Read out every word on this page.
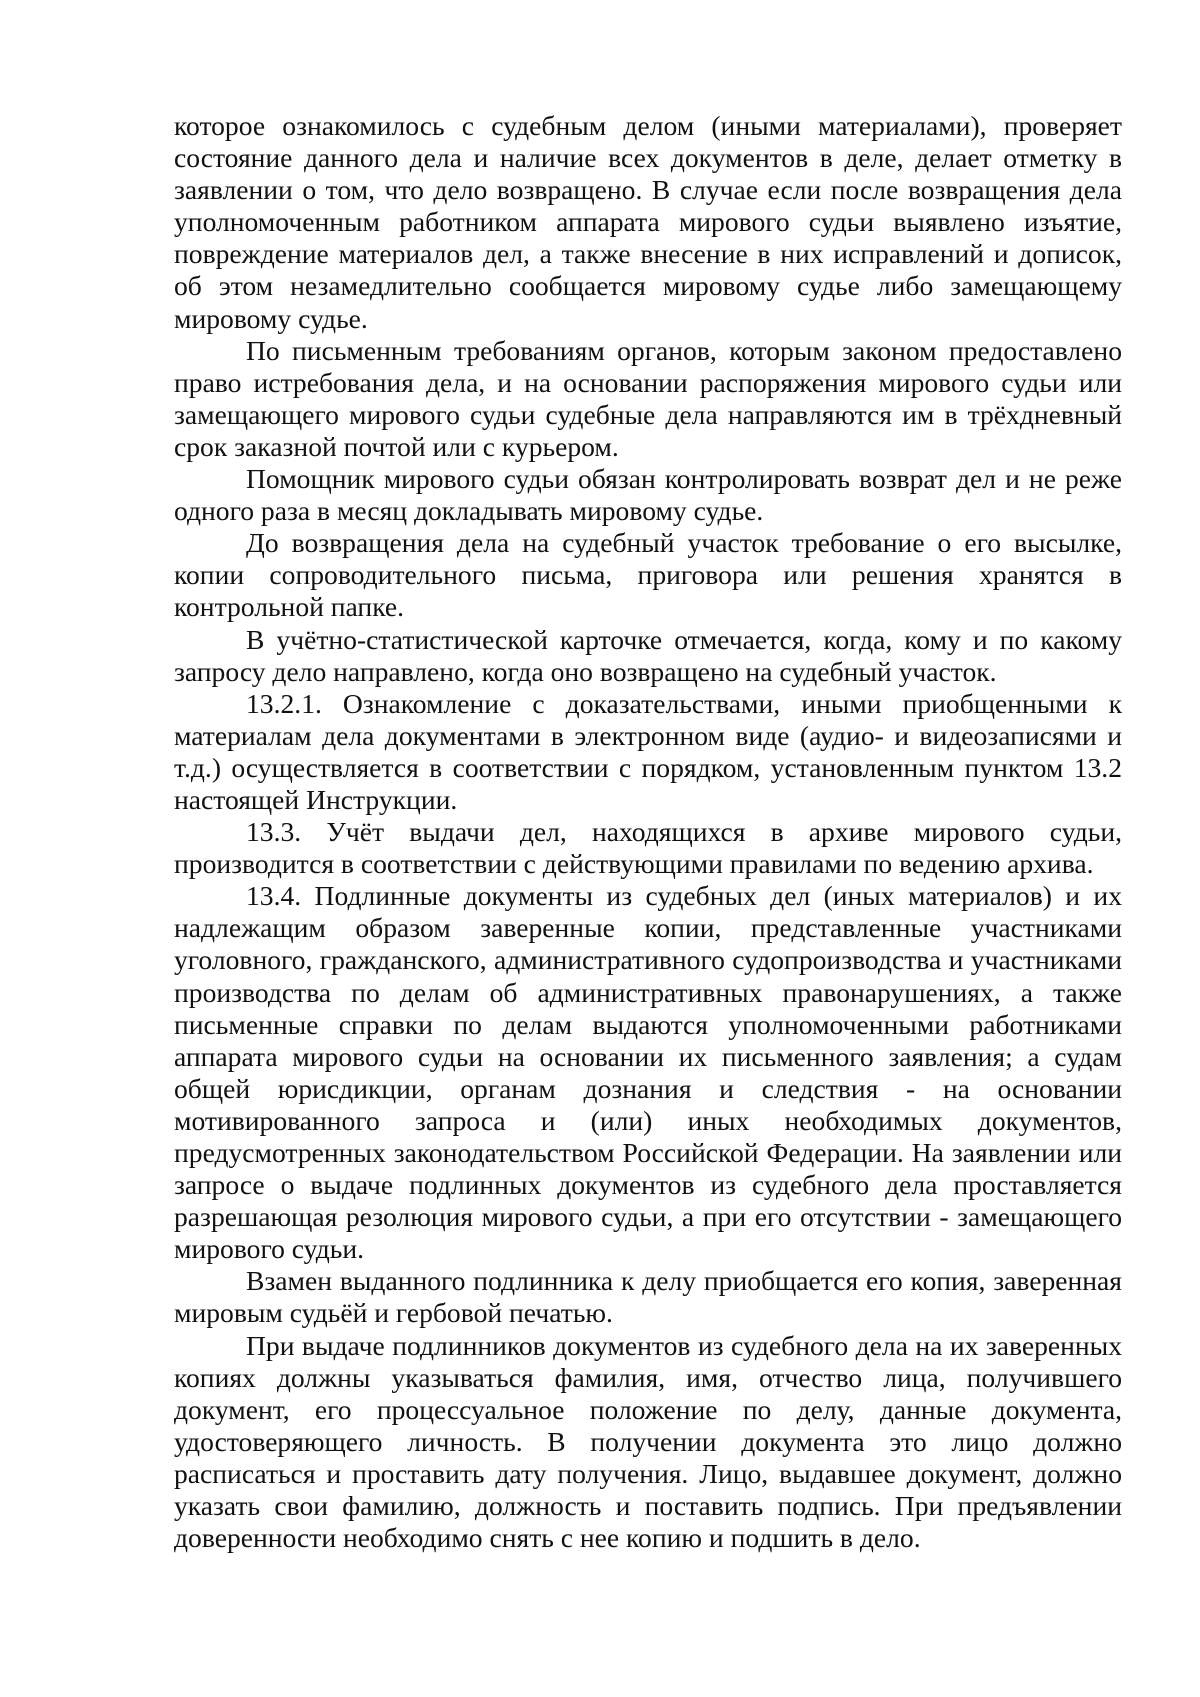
которое ознакомилось с судебным делом (иными материалами), проверяет состояние данного дела и наличие всех документов в деле, делает отметку в заявлении о том, что дело возвращено. В случае если после возвращения дела уполномоченным работником аппарата мирового судьи выявлено изъятие, повреждение материалов дел, а также внесение в них исправлений и дописок, об этом незамедлительно сообщается мировому судье либо замещающему мировому судье.

По письменным требованиям органов, которым законом предоставлено право истребования дела, и на основании распоряжения мирового судьи или замещающего мирового судьи судебные дела направляются им в трёхдневный срок заказной почтой или с курьером.

Помощник мирового судьи обязан контролировать возврат дел и не реже одного раза в месяц докладывать мировому судье.

До возвращения дела на судебный участок требование о его высылке, копии сопроводительного письма, приговора или решения хранятся в контрольной папке.

В учётно-статистической карточке отмечается, когда, кому и по какому запросу дело направлено, когда оно возвращено на судебный участок.

13.2.1. Ознакомление с доказательствами, иными приобщенными к материалам дела документами в электронном виде (аудио- и видеозаписями и т.д.) осуществляется в соответствии с порядком, установленным пунктом 13.2 настоящей Инструкции.

13.3. Учёт выдачи дел, находящихся в архиве мирового судьи, производится в соответствии с действующими правилами по ведению архива.

13.4. Подлинные документы из судебных дел (иных материалов) и их надлежащим образом заверенные копии, представленные участниками уголовного, гражданского, административного судопроизводства и участниками производства по делам об административных правонарушениях, а также письменные справки по делам выдаются уполномоченными работниками аппарата мирового судьи на основании их письменного заявления; а судам общей юрисдикции, органам дознания и следствия - на основании мотивированного запроса и (или) иных необходимых документов, предусмотренных законодательством Российской Федерации. На заявлении или запросе о выдаче подлинных документов из судебного дела проставляется разрешающая резолюция мирового судьи, а при его отсутствии - замещающего мирового судьи.

Взамен выданного подлинника к делу приобщается его копия, заверенная мировым судьёй и гербовой печатью.

При выдаче подлинников документов из судебного дела на их заверенных копиях должны указываться фамилия, имя, отчество лица, получившего документ, его процессуальное положение по делу, данные документа, удостоверяющего личность. В получении документа это лицо должно расписаться и проставить дату получения. Лицо, выдавшее документ, должно указать свои фамилию, должность и поставить подпись. При предъявлении доверенности необходимо снять с нее копию и подшить в дело.
